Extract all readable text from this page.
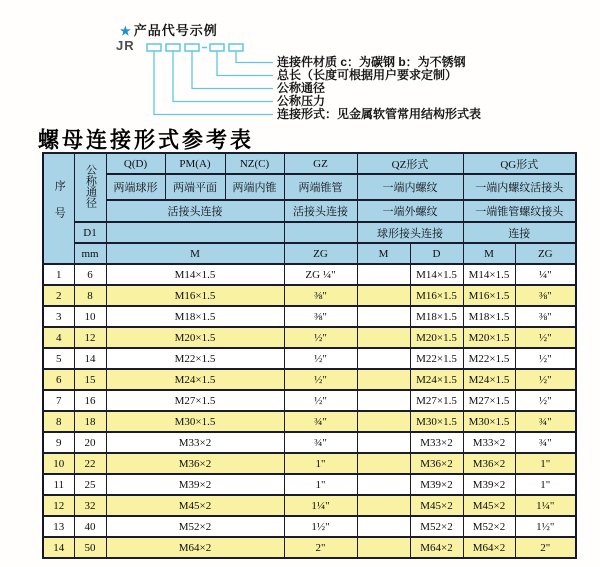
★ 产品代号示例
JR
连接件材质 c：为碳钢 b：为不锈钢
总长（长度可根据用户要求定制）
公称通径
公称压力
连接形式：见金属软管常用结构形式表
螺母连接形式参考表
序号	公称通径	Q(D)	PM(A)	NZ(C)	GZ	QZ形式		QG形式	
		两端球形	两端平面	两端内锥	两端锥管	一端内螺纹		一端内螺纹活接头	
		活接头连接			活接头连接	一端外螺纹		一端锥管螺纹接头	
	D1					球形接头连接		连接	
	mm	M			ZG	M	D	M	ZG
1	6	M14×1.5			ZG ¼"		M14×1.5	M14×1.5	¼"
2	8	M16×1.5			⅜"		M16×1.5	M16×1.5	⅜"
3	10	M18×1.5			⅜"		M18×1.5	M18×1.5	⅜"
4	12	M20×1.5			½"		M20×1.5	M20×1.5	½"
5	14	M22×1.5			½"		M22×1.5	M22×1.5	½"
6	15	M24×1.5			½"		M24×1.5	M24×1.5	½"
7	16	M27×1.5			½"		M27×1.5	M27×1.5	½"
8	18	M30×1.5			¾"		M30×1.5	M30×1.5	¾"
9	20	M33×2			¾"		M33×2	M33×2	¾"
10	22	M36×2			1"		M36×2	M36×2	1"
11	25	M39×2			1"		M39×2	M39×2	1"
12	32	M45×2			1¼"		M45×2	M45×2	1¼"
13	40	M52×2			1½"		M52×2	M52×2	1½"
14	50	M64×2			2"		M64×2	M64×2	2"
